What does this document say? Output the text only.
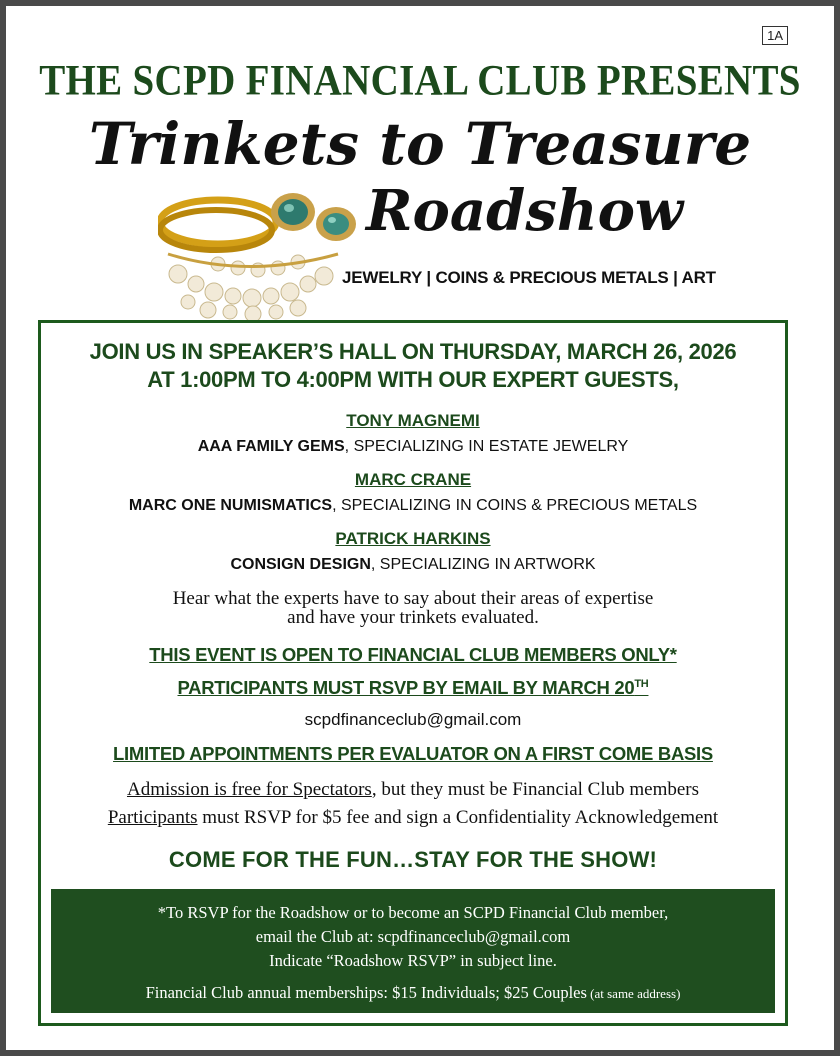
1A
THE SCPD FINANCIAL CLUB PRESENTS
Trinkets to Treasure
Roadshow
JEWELRY | COINS & PRECIOUS METALS | ART
JOIN US IN SPEAKER’S HALL ON THURSDAY, MARCH 26, 2026
AT 1:00PM TO 4:00PM WITH OUR EXPERT GUESTS,
TONY MAGNEMI
AAA FAMILY GEMS, SPECIALIZING IN ESTATE JEWELRY
MARC CRANE
MARC ONE NUMISMATICS, SPECIALIZING IN COINS & PRECIOUS METALS
PATRICK HARKINS
CONSIGN DESIGN, SPECIALIZING IN ARTWORK
Hear what the experts have to say about their areas of expertise
and have your trinkets evaluated.
THIS EVENT IS OPEN TO FINANCIAL CLUB MEMBERS ONLY*
PARTICIPANTS MUST RSVP BY EMAIL BY MARCH 20TH
scpdfinanceclub@gmail.com
LIMITED APPOINTMENTS PER EVALUATOR ON A FIRST COME BASIS
Admission is free for Spectators, but they must be Financial Club members
Participants must RSVP for $5 fee and sign a Confidentiality Acknowledgement
COME FOR THE FUN…STAY FOR THE SHOW!
*To RSVP for the Roadshow or to become an SCPD Financial Club member,
email the Club at: scpdfinanceclub@gmail.com
Indicate “Roadshow RSVP” in subject line.
Financial Club annual memberships: $15 Individuals; $25 Couples (at same address)
